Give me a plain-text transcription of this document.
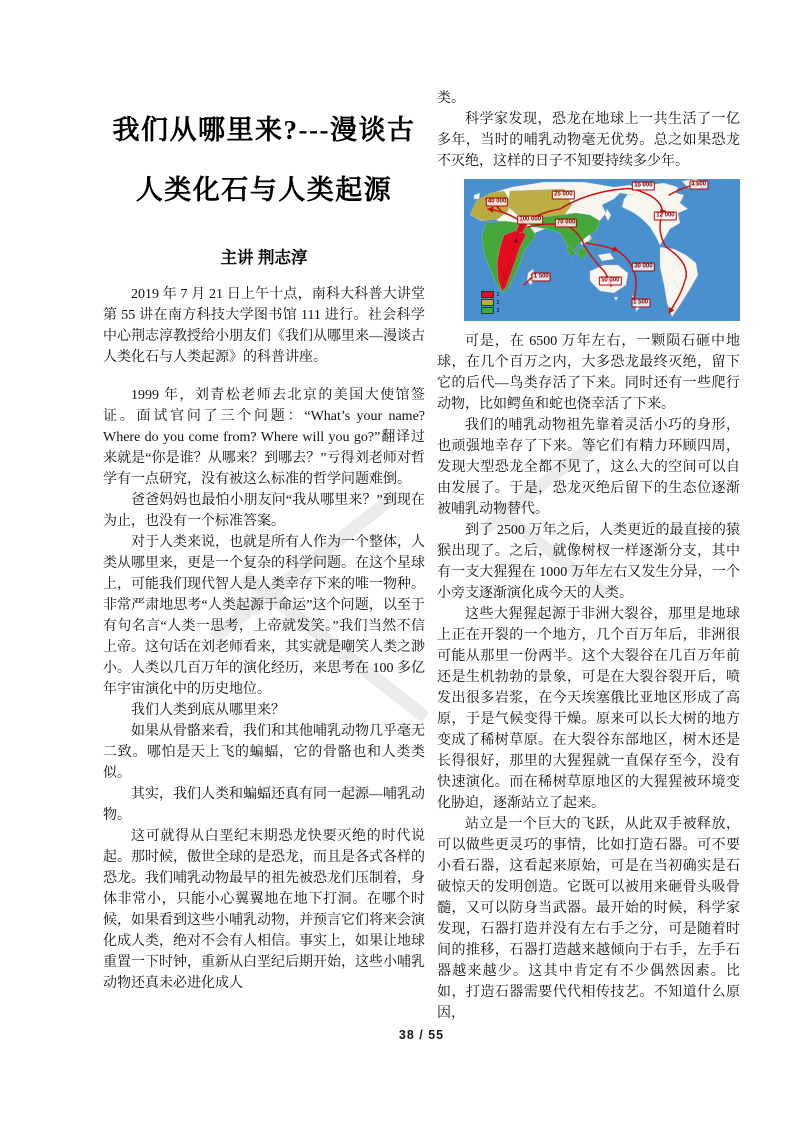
我们从哪里来?---漫谈古
人类化石与人类起源
主讲 荆志淳

2019 年 7 月 21 日上午十点，南科大科普大讲堂第 55 讲在南方科技大学图书馆 111 进行。社会科学中心荆志淳教授给小朋友们《我们从哪里来—漫谈古人类化石与人类起源》的科普讲座。

1999 年，刘青松老师去北京的美国大使馆签证。面试官问了三个问题：“What’s your name? Where do you come from? Where will you go?”翻译过来就是“你是谁？从哪来？到哪去？”亏得刘老师对哲学有一点研究，没有被这么标准的哲学问题难倒。

爸爸妈妈也最怕小朋友问“我从哪里来？”到现在为止，也没有一个标准答案。

对于人类来说，也就是所有人作为一个整体，人类从哪里来，更是一个复杂的科学问题。在这个星球上，可能我们现代智人是人类幸存下来的唯一物种。非常严肃地思考“人类起源于命运”这个问题，以至于有句名言“人类一思考，上帝就发笑。”我们当然不信上帝。这句话在刘老师看来，其实就是嘲笑人类之渺小。人类以几百万年的演化经历，来思考在 100 多亿年宇宙演化中的历史地位。

我们人类到底从哪里来？

如果从骨骼来看，我们和其他哺乳动物几乎毫无二致。哪怕是天上飞的蝙蝠，它的骨骼也和人类类似。

其实，我们人类和蝙蝠还真有同一起源—哺乳动物。

这可就得从白垩纪末期恐龙快要灭绝的时代说起。那时候，傲世全球的是恐龙，而且是各式各样的恐龙。我们哺乳动物最早的祖先被恐龙们压制着，身体非常小，只能小心翼翼地在地下打洞。在哪个时候，如果看到这些小哺乳动物，并预言它们将来会演化成人类，绝对不会有人相信。事实上，如果让地球重置一下时钟，重新从白垩纪后期开始，这些小哺乳动物还真未必进化成人

类。

科学家发现，恐龙在地球上一共生活了一亿多年，当时的哺乳动物毫无优势。总之如果恐龙不灭绝，这样的日子不知要持续多少年。

40 000
100 000
25 000
70 000
15 000	4 500
12 000
30 000
50 000
1 500
1 500
1
2
3

可是，在 6500 万年左右，一颗陨石砸中地球，在几个百万之内，大多恐龙最终灭绝，留下它的后代—鸟类存活了下来。同时还有一些爬行动物，比如鳄鱼和蛇也侥幸活了下来。

我们的哺乳动物祖先靠着灵活小巧的身形，也顽强地幸存了下来。等它们有精力环顾四周，发现大型恐龙全都不见了，这么大的空间可以自由发展了。于是，恐龙灭绝后留下的生态位逐渐被哺乳动物替代。

到了 2500 万年之后，人类更近的最直接的猿猴出现了。之后，就像树杈一样逐渐分支，其中有一支大猩猩在 1000 万年左右又发生分异，一个小旁支逐渐演化成今天的人类。

这些大猩猩起源于非洲大裂谷，那里是地球上正在开裂的一个地方，几个百万年后，非洲很可能从那里一份两半。这个大裂谷在几百万年前还是生机勃勃的景象，可是在大裂谷裂开后，喷发出很多岩浆，在今天埃塞俄比亚地区形成了高原，于是气候变得干燥。原来可以长大树的地方变成了稀树草原。在大裂谷东部地区，树木还是长得很好，那里的大猩猩就一直保存至今，没有快速演化。而在稀树草原地区的大猩猩被环境变化胁迫，逐渐站立了起来。

站立是一个巨大的飞跃，从此双手被释放，可以做些更灵巧的事情，比如打造石器。可不要小看石器，这看起来原始，可是在当初确实是石破惊天的发明创造。它既可以被用来砸骨头吸骨髓，又可以防身当武器。最开始的时候，科学家发现，石器打造并没有左右手之分，可是随着时间的推移，石器打造越来越倾向于右手，左手石器越来越少。这其中肯定有不少偶然因素。比如，打造石器需要代代相传技艺。不知道什么原因，

38 / 55
